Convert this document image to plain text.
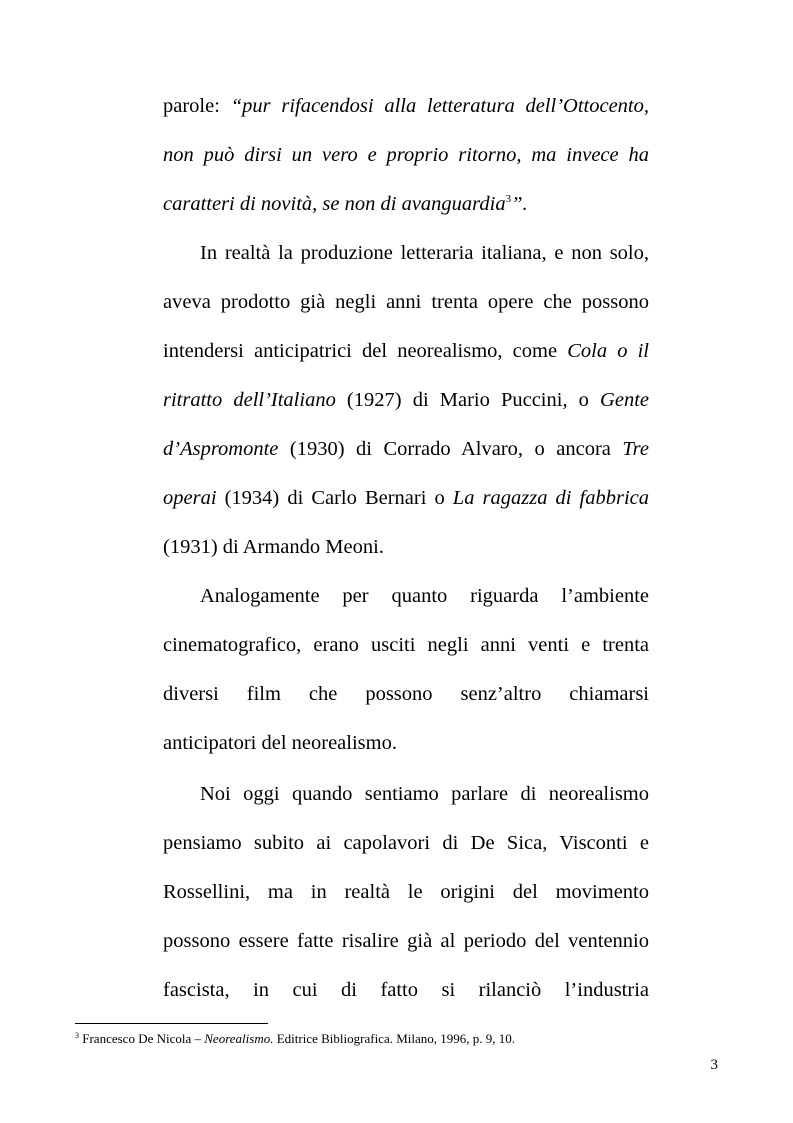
parole: “pur rifacendosi alla letteratura dell’Ottocento,
non può dirsi un vero e proprio ritorno, ma invece ha
caratteri di novità, se non di avanguardia$^3$”.
In realtà la produzione letteraria italiana, e non solo,
aveva prodotto già negli anni trenta opere che possono
intendersi anticipatrici del neorealismo, come Cola o il
ritratto dell’Italiano (1927) di Mario Puccini, o Gente
d’Aspromonte (1930) di Corrado Alvaro, o ancora Tre
operai (1934) di Carlo Bernari o La ragazza di fabbrica
(1931) di Armando Meoni.
Analogamente per quanto riguarda l’ambiente
cinematografico, erano usciti negli anni venti e trenta
diversi film che possono senz’altro chiamarsi
anticipatori del neorealismo.
Noi oggi quando sentiamo parlare di neorealismo
pensiamo subito ai capolavori di De Sica, Visconti e
Rossellini, ma in realtà le origini del movimento
possono essere fatte risalire già al periodo del ventennio
fascista, in cui di fatto si rilanciò l’industria
$^3$ Francesco De Nicola – Neorealismo. Editrice Bibliografica. Milano, 1996, p. 9, 10.
3
